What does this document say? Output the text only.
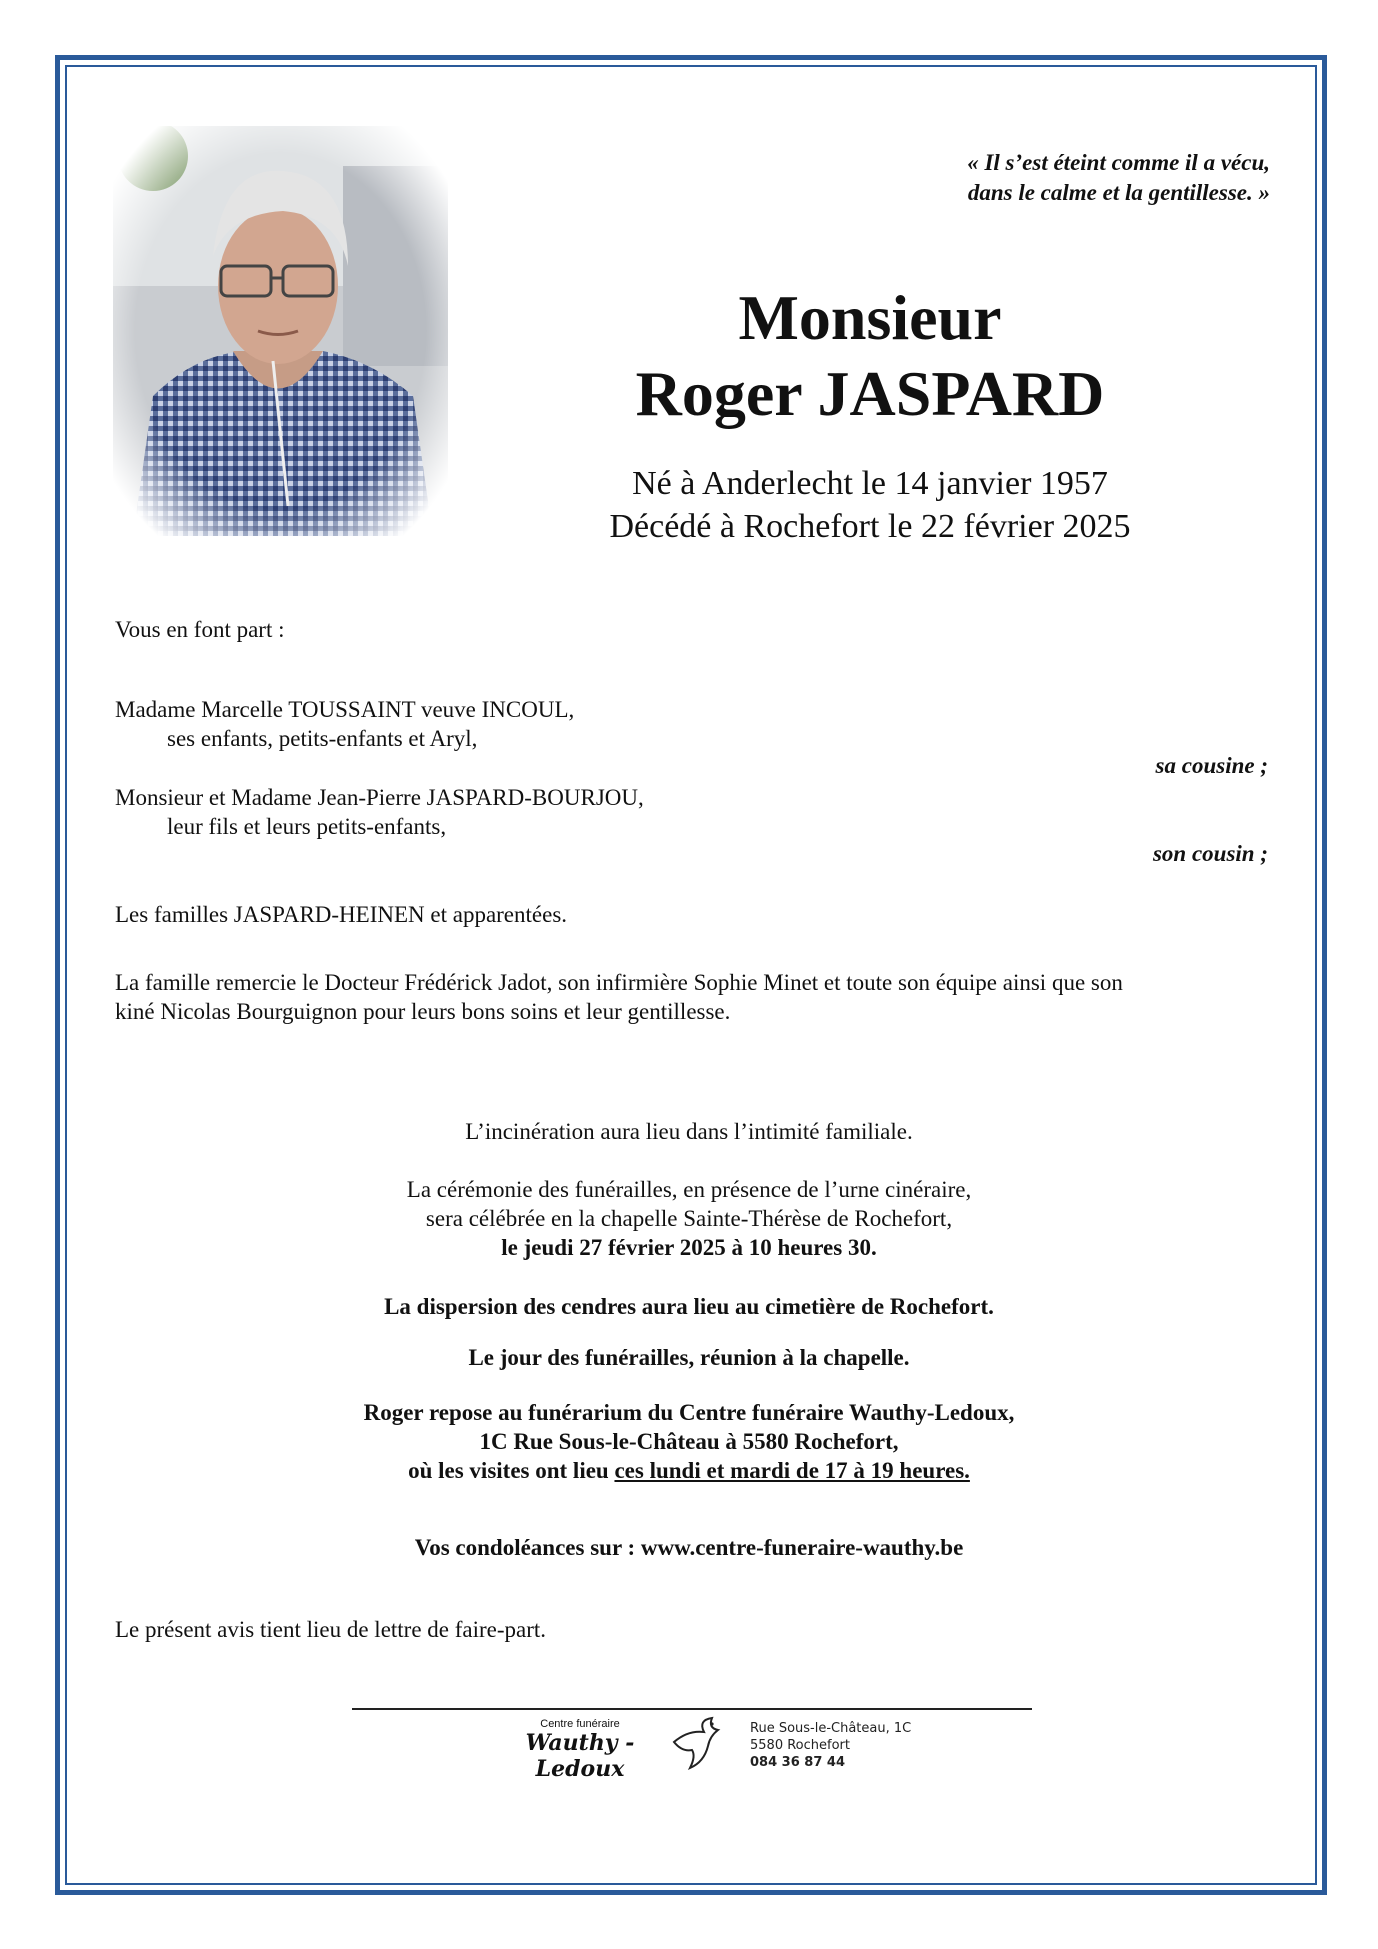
« Il s’est éteint comme il a vécu,
dans le calme et la gentillesse. »
Monsieur
Roger JASPARD
Né à Anderlecht le 14 janvier 1957
Décédé à Rochefort le 22 février 2025
Vous en font part :
Madame Marcelle TOUSSAINT veuve INCOUL,
ses enfants, petits-enfants et Aryl,
sa cousine ;
Monsieur et Madame Jean-Pierre JASPARD-BOURJOU,
leur fils et leurs petits-enfants,
son cousin ;
Les familles JASPARD-HEINEN et apparentées.
La famille remercie le Docteur Frédérick Jadot, son infirmière Sophie Minet et toute son équipe ainsi que son
kiné Nicolas Bourguignon pour leurs bons soins et leur gentillesse.
L’incinération aura lieu dans l’intimité familiale.
La cérémonie des funérailles, en présence de l’urne cinéraire,
sera célébrée en la chapelle Sainte-Thérèse de Rochefort,
le jeudi 27 février 2025 à 10 heures 30.
La dispersion des cendres aura lieu au cimetière de Rochefort.
Le jour des funérailles, réunion à la chapelle.
Roger repose au funérarium du Centre funéraire Wauthy-Ledoux,
1C Rue Sous-le-Château à 5580 Rochefort,
où les visites ont lieu ces lundi et mardi de 17 à 19 heures.
Vos condoléances sur : www.centre-funeraire-wauthy.be
Le présent avis tient lieu de lettre de faire-part.
Centre funéraire
Wauthy - Ledoux
Rue Sous-le-Château, 1C
5580 Rochefort
084 36 87 44
